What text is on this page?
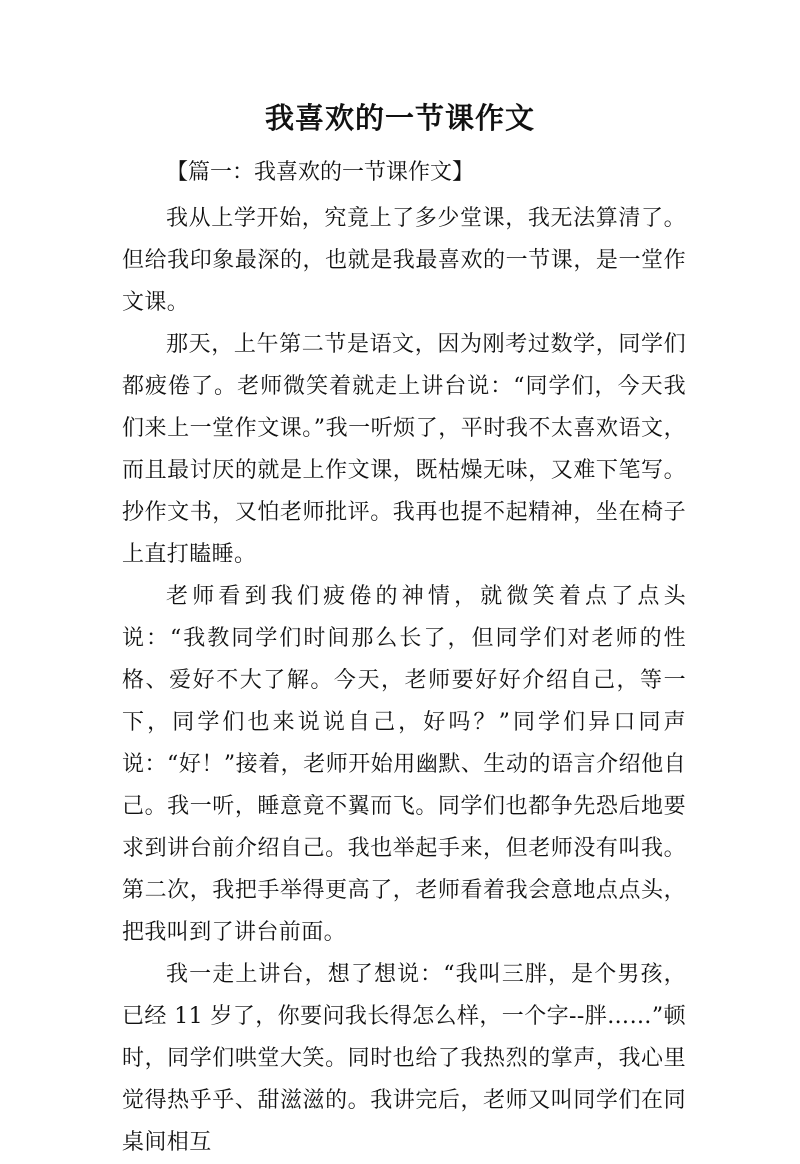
我喜欢的一节课作文

【篇一：我喜欢的一节课作文】

我从上学开始，究竟上了多少堂课，我无法算清了。但给我印象最深的，也就是我最喜欢的一节课，是一堂作文课。

那天，上午第二节是语文，因为刚考过数学，同学们都疲倦了。老师微笑着就走上讲台说：“同学们，今天我们来上一堂作文课。”我一听烦了，平时我不太喜欢语文，而且最讨厌的就是上作文课，既枯燥无味，又难下笔写。抄作文书，又怕老师批评。我再也提不起精神，坐在椅子上直打瞌睡。

老师看到我们疲倦的神情，就微笑着点了点头说：“我教同学们时间那么长了，但同学们对老师的性格、爱好不大了解。今天，老师要好好介绍自己，等一下，同学们也来说说自己，好吗？”同学们异口同声说：“好！”接着，老师开始用幽默、生动的语言介绍他自己。我一听，睡意竟不翼而飞。同学们也都争先恐后地要求到讲台前介绍自己。我也举起手来，但老师没有叫我。第二次，我把手举得更高了，老师看着我会意地点点头，把我叫到了讲台前面。

我一走上讲台，想了想说：“我叫三胖，是个男孩，已经 11 岁了，你要问我长得怎么样，一个字--胖……”顿时，同学们哄堂大笑。同时也给了我热烈的掌声，我心里觉得热乎乎、甜滋滋的。我讲完后，老师又叫同学们在同桌间相互
